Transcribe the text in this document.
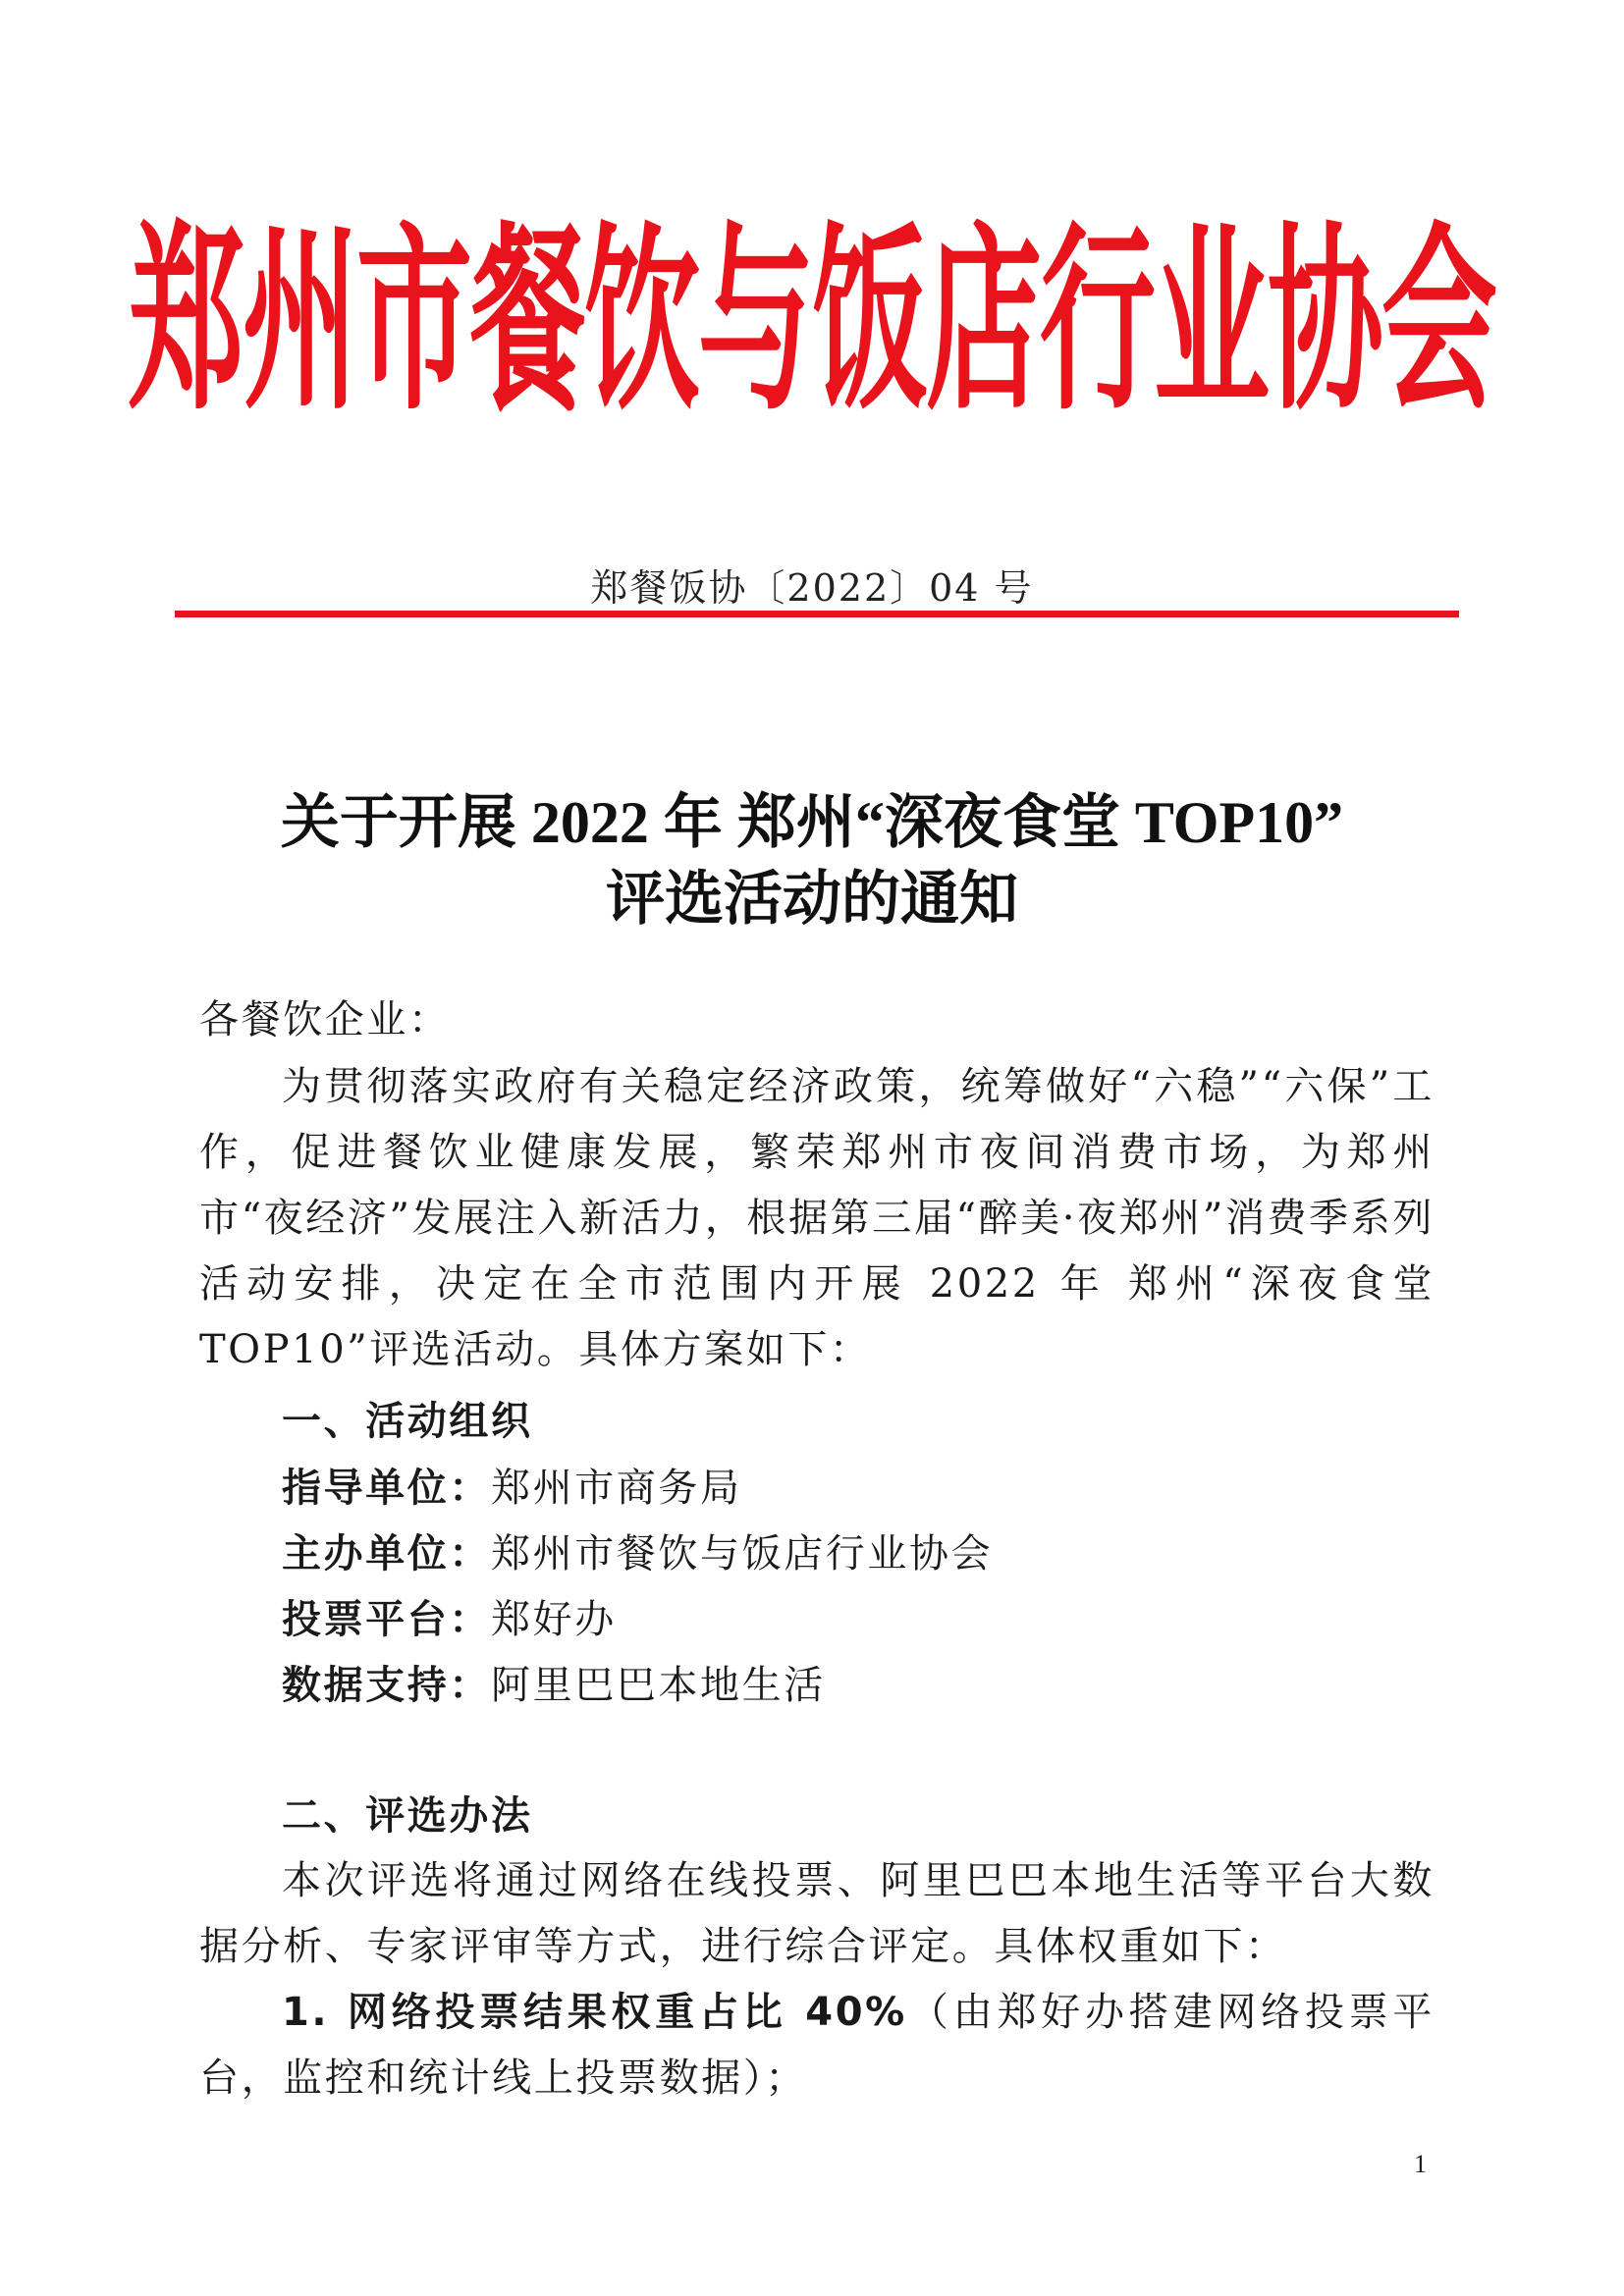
郑州市餐饮与饭店行业协会
郑餐饭协〔2022〕04 号
关于开展 2022 年 郑州“深夜食堂 TOP10”
评选活动的通知
各餐饮企业：

为贯彻落实政府有关稳定经济政策，统筹做好“六稳”“六保”工作，促进餐饮业健康发展，繁荣郑州市夜间消费市场，为郑州市“夜经济”发展注入新活力，根据第三届“醉美·夜郑州”消费季系列活动安排，决定在全市范围内开展 2022 年 郑州“深夜食堂 TOP10”评选活动。具体方案如下：

一、活动组织
指导单位：郑州市商务局
主办单位：郑州市餐饮与饭店行业协会
投票平台：郑好办
数据支持：阿里巴巴本地生活
二、评选办法

本次评选将通过网络在线投票、阿里巴巴本地生活等平台大数据分析、专家评审等方式，进行综合评定。具体权重如下：

1. 网络投票结果权重占比 40%（由郑好办搭建网络投票平台，监控和统计线上投票数据）；

1
